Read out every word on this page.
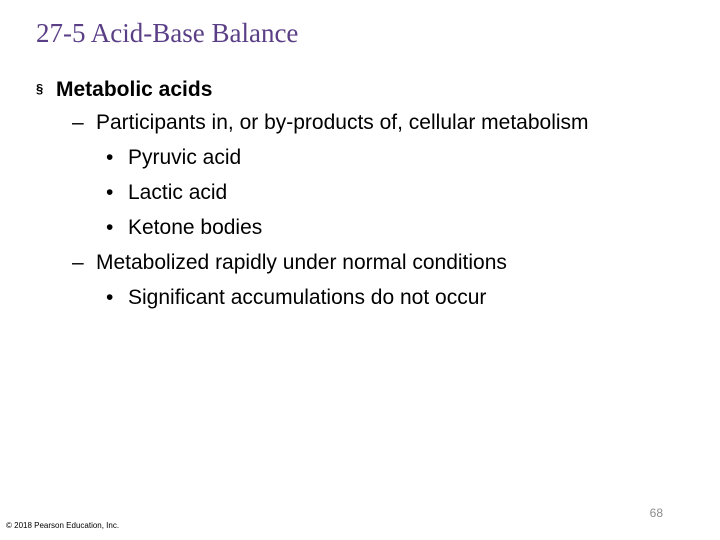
27-5 Acid-Base Balance
§ Metabolic acids
– Participants in, or by-products of, cellular metabolism
• Pyruvic acid
• Lactic acid
• Ketone bodies
– Metabolized rapidly under normal conditions
• Significant accumulations do not occur
68
© 2018 Pearson Education, Inc.
